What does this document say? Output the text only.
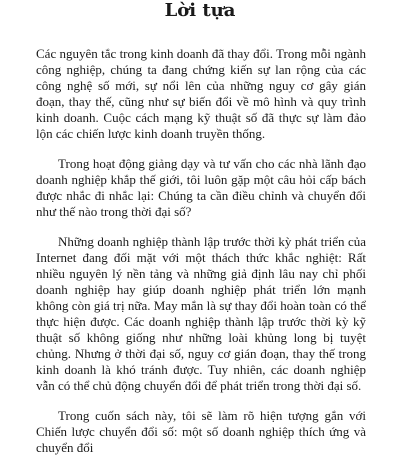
Lời tựa

Các nguyên tắc trong kinh doanh đã thay đổi. Trong mỗi ngành công nghiệp, chúng ta đang chứng kiến sự lan rộng của các công nghệ số mới, sự nổi lên của những nguy cơ gây gián đoạn, thay thế, cũng như sự biến đổi về mô hình và quy trình kinh doanh. Cuộc cách mạng kỹ thuật số đã thực sự làm đảo lộn các chiến lược kinh doanh truyền thống.

Trong hoạt động giảng dạy và tư vấn cho các nhà lãnh đạo doanh nghiệp khắp thế giới, tôi luôn gặp một câu hỏi cấp bách được nhắc đi nhắc lại: Chúng ta cần điều chỉnh và chuyển đổi như thế nào trong thời đại số?

Những doanh nghiệp thành lập trước thời kỳ phát triển của Internet đang đối mặt với một thách thức khắc nghiệt: Rất nhiều nguyên lý nền tảng và những giả định lâu nay chỉ phối doanh nghiệp hay giúp doanh nghiệp phát triển lớn mạnh không còn giá trị nữa. May mắn là sự thay đổi hoàn toàn có thể thực hiện được. Các doanh nghiệp thành lập trước thời kỳ kỹ thuật số không giống như những loài khủng long bị tuyệt chủng. Nhưng ở thời đại số, nguy cơ gián đoạn, thay thế trong kinh doanh là khó tránh được. Tuy nhiên, các doanh nghiệp vẫn có thể chủ động chuyển đổi để phát triển trong thời đại số.

Trong cuốn sách này, tôi sẽ làm rõ hiện tượng gắn với Chiến lược chuyển đổi số: một số doanh nghiệp thích ứng và chuyển đổi
